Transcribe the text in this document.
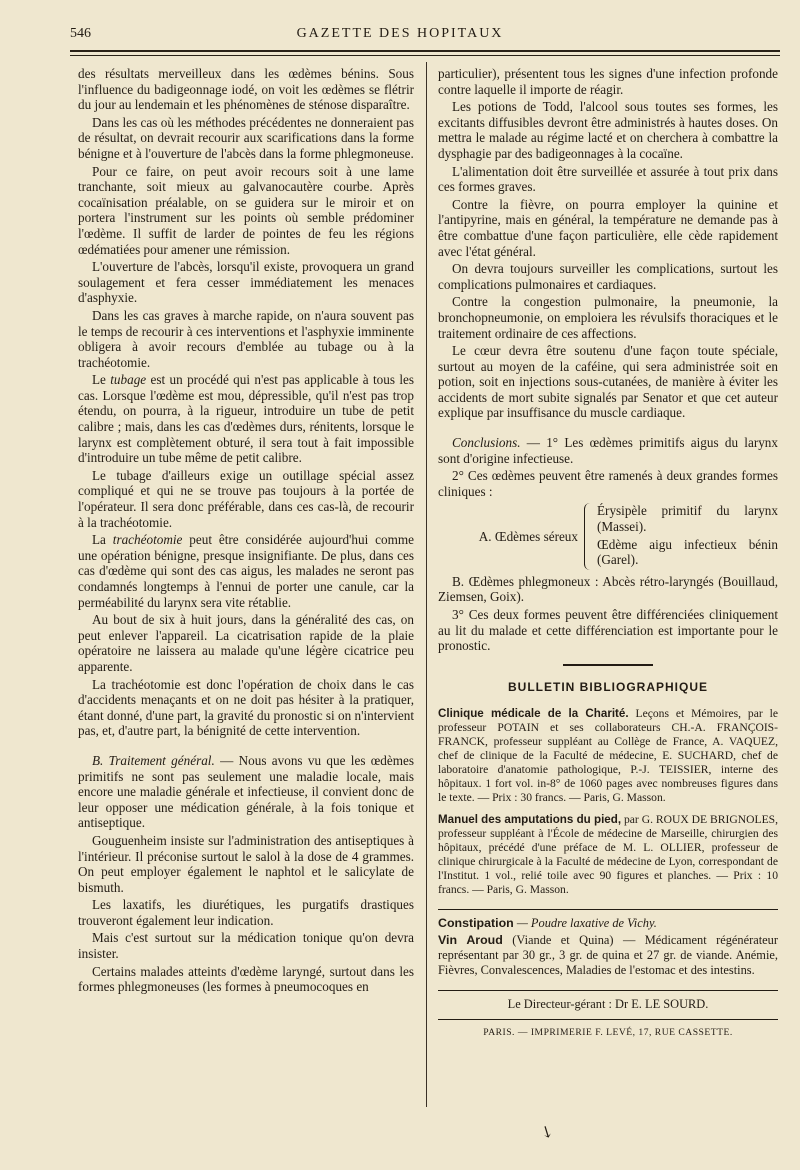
546	GAZETTE DES HOPITAUX

des résultats merveilleux dans les œdèmes bénins. Sous l'influence du badigeonnage iodé, on voit les œdèmes se flétrir du jour au lendemain et les phénomènes de sténose disparaître.

Dans les cas où les méthodes précédentes ne donneraient pas de résultat, on devrait recourir aux scarifications dans la forme bénigne et à l'ouverture de l'abcès dans la forme phlegmoneuse.

Pour ce faire, on peut avoir recours soit à une lame tranchante, soit mieux au galvanocautère courbe. Après cocaïnisation préalable, on se guidera sur le miroir et on portera l'instrument sur les points où semble prédominer l'œdème. Il suffit de larder de pointes de feu les régions œdématiées pour amener une rémission.

L'ouverture de l'abcès, lorsqu'il existe, provoquera un grand soulagement et fera cesser immédiatement les menaces d'asphyxie.

Dans les cas graves à marche rapide, on n'aura souvent pas le temps de recourir à ces interventions et l'asphyxie imminente obligera à avoir recours d'emblée au tubage ou à la trachéotomie.

Le tubage est un procédé qui n'est pas applicable à tous les cas. Lorsque l'œdème est mou, dépressible, qu'il n'est pas trop étendu, on pourra, à la rigueur, introduire un tube de petit calibre ; mais, dans les cas d'œdèmes durs, rénitents, lorsque le larynx est complètement obturé, il sera tout à fait impossible d'introduire un tube même de petit calibre.

Le tubage d'ailleurs exige un outillage spécial assez compliqué et qui ne se trouve pas toujours à la portée de l'opérateur. Il sera donc préférable, dans ces cas-là, de recourir à la trachéotomie.

La trachéotomie peut être considérée aujourd'hui comme une opération bénigne, presque insignifiante. De plus, dans ces cas d'œdème qui sont des cas aigus, les malades ne seront pas condamnés longtemps à l'ennui de porter une canule, car la perméabilité du larynx sera vite rétablie.

Au bout de six à huit jours, dans la généralité des cas, on peut enlever l'appareil. La cicatrisation rapide de la plaie opératoire ne laissera au malade qu'une légère cicatrice peu apparente.

La trachéotomie est donc l'opération de choix dans le cas d'accidents menaçants et on ne doit pas hésiter à la pratiquer, étant donné, d'une part, la gravité du pronostic si on n'intervient pas, et, d'autre part, la bénignité de cette intervention.

B. Traitement général. — Nous avons vu que les œdèmes primitifs ne sont pas seulement une maladie locale, mais encore une maladie générale et infectieuse, il convient donc de leur opposer une médication générale, à la fois tonique et antiseptique.

Gouguenheim insiste sur l'administration des antiseptiques à l'intérieur. Il préconise surtout le salol à la dose de 4 grammes. On peut employer également le naphtol et le salicylate de bismuth.

Les laxatifs, les diurétiques, les purgatifs drastiques trouveront également leur indication.

Mais c'est surtout sur la médication tonique qu'on devra insister.

Certains malades atteints d'œdème laryngé, surtout dans les formes phlegmoneuses (les formes à pneumocoques en

particulier), présentent tous les signes d'une infection profonde contre laquelle il importe de réagir.

Les potions de Todd, l'alcool sous toutes ses formes, les excitants diffusibles devront être administrés à hautes doses. On mettra le malade au régime lacté et on cherchera à combattre la dysphagie par des badigeonnages à la cocaïne.

L'alimentation doit être surveillée et assurée à tout prix dans ces formes graves.

Contre la fièvre, on pourra employer la quinine et l'antipyrine, mais en général, la température ne demande pas à être combattue d'une façon particulière, elle cède rapidement avec l'état général.

On devra toujours surveiller les complications, surtout les complications pulmonaires et cardiaques.

Contre la congestion pulmonaire, la pneumonie, la bronchopneumonie, on emploiera les révulsifs thoraciques et le traitement ordinaire de ces affections.

Le cœur devra être soutenu d'une façon toute spéciale, surtout au moyen de la caféine, qui sera administrée soit en potion, soit en injections sous-cutanées, de manière à éviter les accidents de mort subite signalés par Senator et que cet auteur explique par insuffisance du muscle cardiaque.

Conclusions. — 1° Les œdèmes primitifs aigus du larynx sont d'origine infectieuse.

2° Ces œdèmes peuvent être ramenés à deux grandes formes cliniques :

A. Œdèmes séreux
Érysipèle primitif du larynx (Massei).
Œdème aigu infectieux bénin (Garel).

B. Œdèmes phlegmoneux : Abcès rétro-laryngés (Bouillaud, Ziemsen, Goix).

3° Ces deux formes peuvent être différenciées cliniquement au lit du malade et cette différenciation est importante pour le pronostic.

BULLETIN BIBLIOGRAPHIQUE

Clinique médicale de la Charité. Leçons et Mémoires, par le professeur POTAIN et ses collaborateurs CH.-A. FRANÇOIS-FRANCK, professeur suppléant au Collège de France, A. VAQUEZ, chef de clinique de la Faculté de médecine, E. SUCHARD, chef de laboratoire d'anatomie pathologique, P.-J. TEISSIER, interne des hôpitaux. 1 fort vol. in-8° de 1060 pages avec nombreuses figures dans le texte. — Prix : 30 francs. — Paris, G. Masson.

Manuel des amputations du pied, par G. ROUX DE BRIGNOLES, professeur suppléant à l'École de médecine de Marseille, chirurgien des hôpitaux, précédé d'une préface de M. L. OLLIER, professeur de clinique chirurgicale à la Faculté de médecine de Lyon, correspondant de l'Institut. 1 vol., relié toile avec 90 figures et planches. — Prix : 10 francs. — Paris, G. Masson.

Constipation — Poudre laxative de Vichy.

Vin Aroud (Viande et Quina) — Médicament régénérateur représentant par 30 gr., 3 gr. de quina et 27 gr. de viande. Anémie, Fièvres, Convalescences, Maladies de l'estomac et des intestins.

Le Directeur-gérant : Dr E. LE SOURD.
PARIS. — IMPRIMERIE F. LEVÉ, 17, RUE CASSETTE.
↘
